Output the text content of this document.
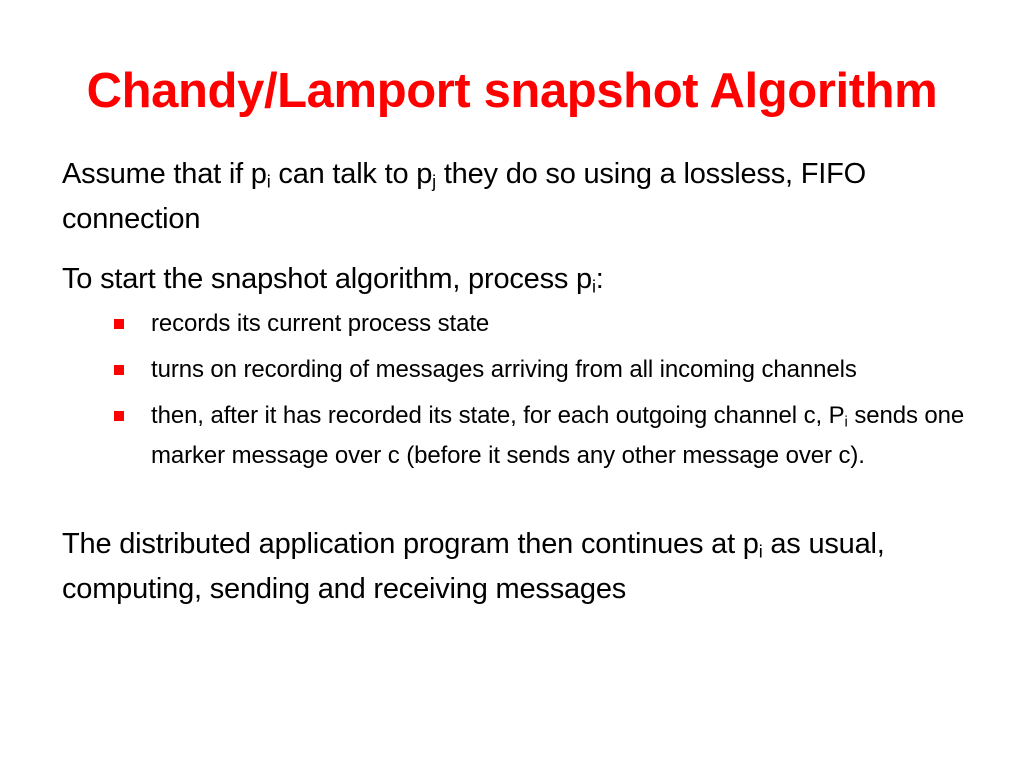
Chandy/Lamport snapshot Algorithm

Assume that if $p_i$ can talk to $p_j$ they do so using a lossless, FIFO connection

To start the snapshot algorithm, process $p_i$:

records its current process state
turns on recording of messages arriving from all incoming channels
then, after it has recorded its state, for each outgoing channel c, $P_i$ sends one marker message over c (before it sends any other message over c).

The distributed application program then continues at $p_i$ as usual, computing, sending and receiving messages
